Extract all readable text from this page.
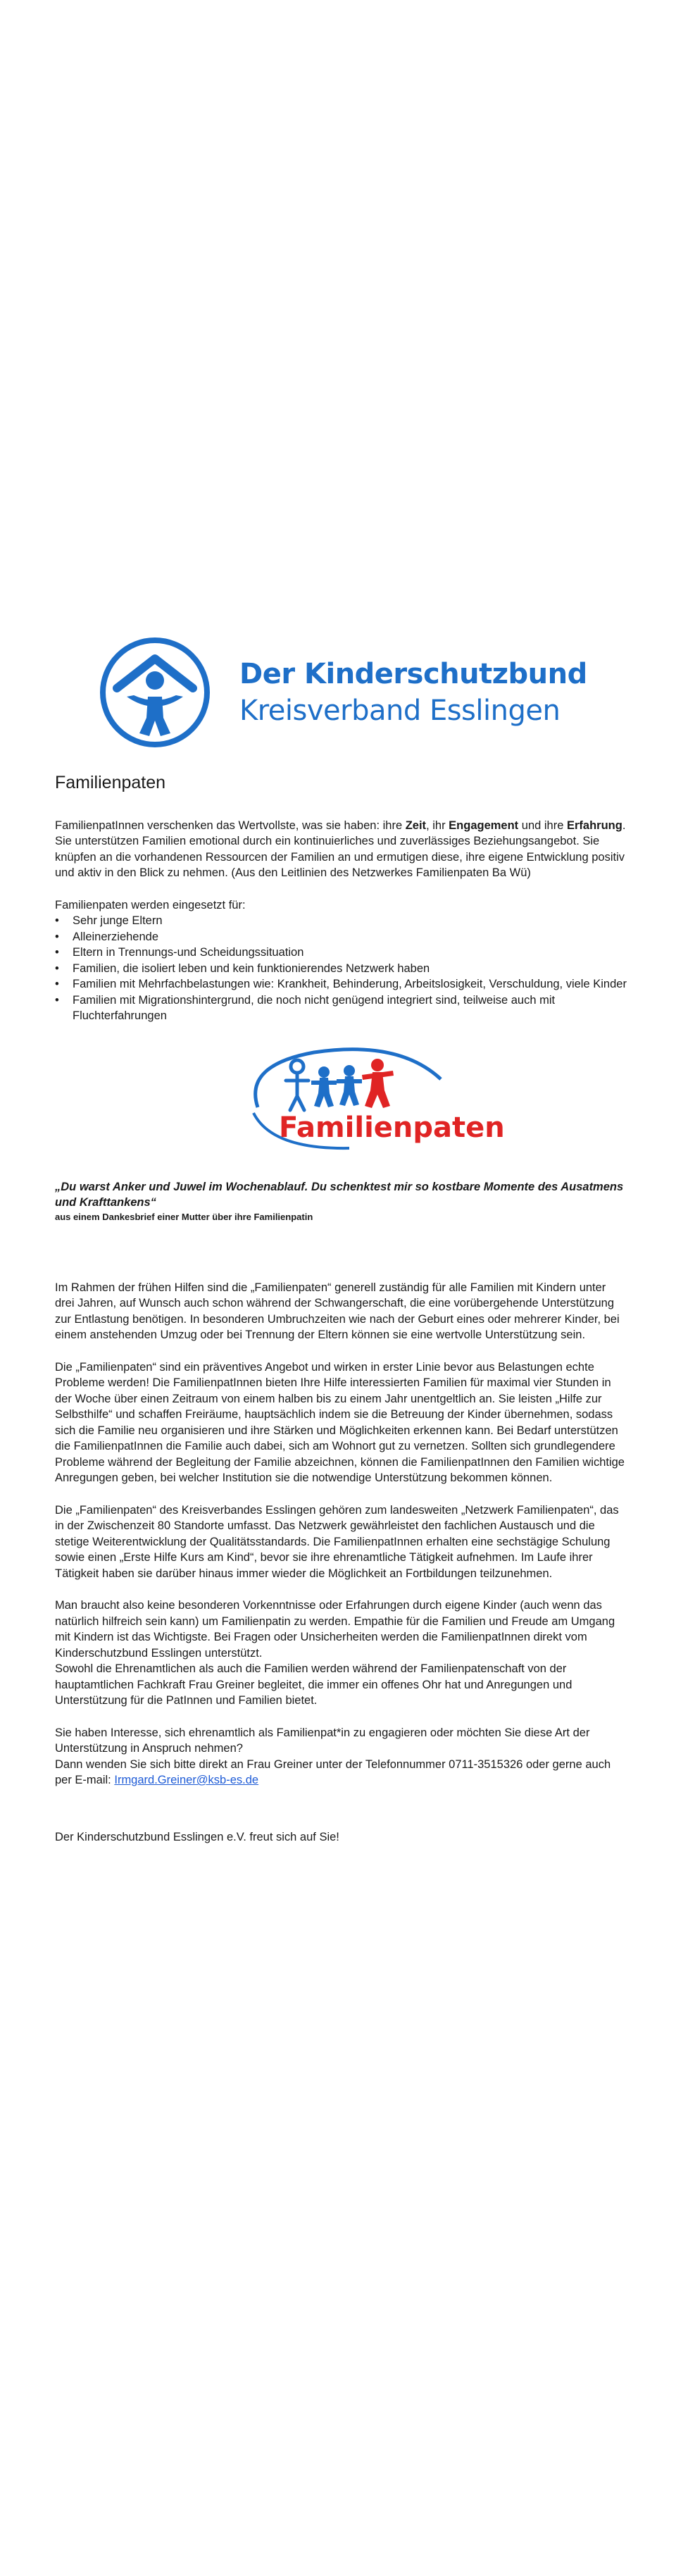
Der Kinderschutzbund
Kreisverband Esslingen
Familienpaten

FamilienpatInnen verschenken das Wertvollste, was sie haben: ihre Zeit, ihr Engagement und ihre Erfahrung. Sie unterstützen Familien emotional durch ein kontinuierliches und zuverlässiges Beziehungsangebot. Sie knüpfen an die vorhandenen Ressourcen der Familien an und ermutigen diese, ihre eigene Entwicklung positiv und aktiv in den Blick zu nehmen. (Aus den Leitlinien des Netzwerkes Familienpaten Ba Wü)

Familienpaten werden eingesetzt für:

• Sehr junge Eltern
• Alleinerziehende
• Eltern in Trennungs-und Scheidungssituation
• Familien, die isoliert leben und kein funktionierendes Netzwerk haben
• Familien mit Mehrfachbelastungen wie: Krankheit, Behinderung, Arbeitslosigkeit, Verschuldung, viele Kinder
• Familien mit Migrationshintergrund, die noch nicht genügend integriert sind, teilweise auch mit Fluchterfahrungen
Familienpaten

„Du warst Anker und Juwel im Wochenablauf. Du schenktest mir so kostbare Momente des Ausatmens und Krafttankens“

aus einem Dankesbrief einer Mutter über ihre Familienpatin

Im Rahmen der frühen Hilfen sind die „Familienpaten“ generell zuständig für alle Familien mit Kindern unter drei Jahren, auf Wunsch auch schon während der Schwangerschaft, die eine vorübergehende Unterstützung zur Entlastung benötigen. In besonderen Umbruchzeiten wie nach der Geburt eines oder mehrerer Kinder, bei einem anstehenden Umzug oder bei Trennung der Eltern können sie eine wertvolle Unterstützung sein.

Die „Familienpaten“ sind ein präventives Angebot und wirken in erster Linie bevor aus Belastungen echte Probleme werden! Die FamilienpatInnen bieten Ihre Hilfe interessierten Familien für maximal vier Stunden in der Woche über einen Zeitraum von einem halben bis zu einem Jahr unentgeltlich an. Sie leisten „Hilfe zur Selbsthilfe“ und schaffen Freiräume, hauptsächlich indem sie die Betreuung der Kinder übernehmen, sodass sich die Familie neu organisieren und ihre Stärken und Möglichkeiten erkennen kann. Bei Bedarf unterstützen die FamilienpatInnen die Familie auch dabei, sich am Wohnort gut zu vernetzen. Sollten sich grundlegendere Probleme während der Begleitung der Familie abzeichnen, können die FamilienpatInnen den Familien wichtige Anregungen geben, bei welcher Institution sie die notwendige Unterstützung bekommen können.

Die „Familienpaten“ des Kreisverbandes Esslingen gehören zum landesweiten „Netzwerk Familienpaten“, das in der Zwischenzeit 80 Standorte umfasst. Das Netzwerk gewährleistet den fachlichen Austausch und die stetige Weiterentwicklung der Qualitätsstandards. Die FamilienpatInnen erhalten eine sechstägige Schulung sowie einen „Erste Hilfe Kurs am Kind“, bevor sie ihre ehrenamtliche Tätigkeit aufnehmen. Im Laufe ihrer Tätigkeit haben sie darüber hinaus immer wieder die Möglichkeit an Fortbildungen teilzunehmen.

Man braucht also keine besonderen Vorkenntnisse oder Erfahrungen durch eigene Kinder (auch wenn das natürlich hilfreich sein kann) um Familienpatin zu werden. Empathie für die Familien und Freude am Umgang mit Kindern ist das Wichtigste. Bei Fragen oder Unsicherheiten werden die FamilienpatInnen direkt vom Kinderschutzbund Esslingen unterstützt.

Sowohl die Ehrenamtlichen als auch die Familien werden während der Familienpatenschaft von der hauptamtlichen Fachkraft Frau Greiner begleitet, die immer ein offenes Ohr hat und Anregungen und Unterstützung für die PatInnen und Familien bietet.

Sie haben Interesse, sich ehrenamtlich als Familienpat*in zu engagieren oder möchten Sie diese Art der Unterstützung in Anspruch nehmen?

Dann wenden Sie sich bitte direkt an Frau Greiner unter der Telefonnummer 0711-3515326 oder gerne auch per E-mail: Irmgard.Greiner@ksb-es.de

Der Kinderschutzbund Esslingen e.V. freut sich auf Sie!
